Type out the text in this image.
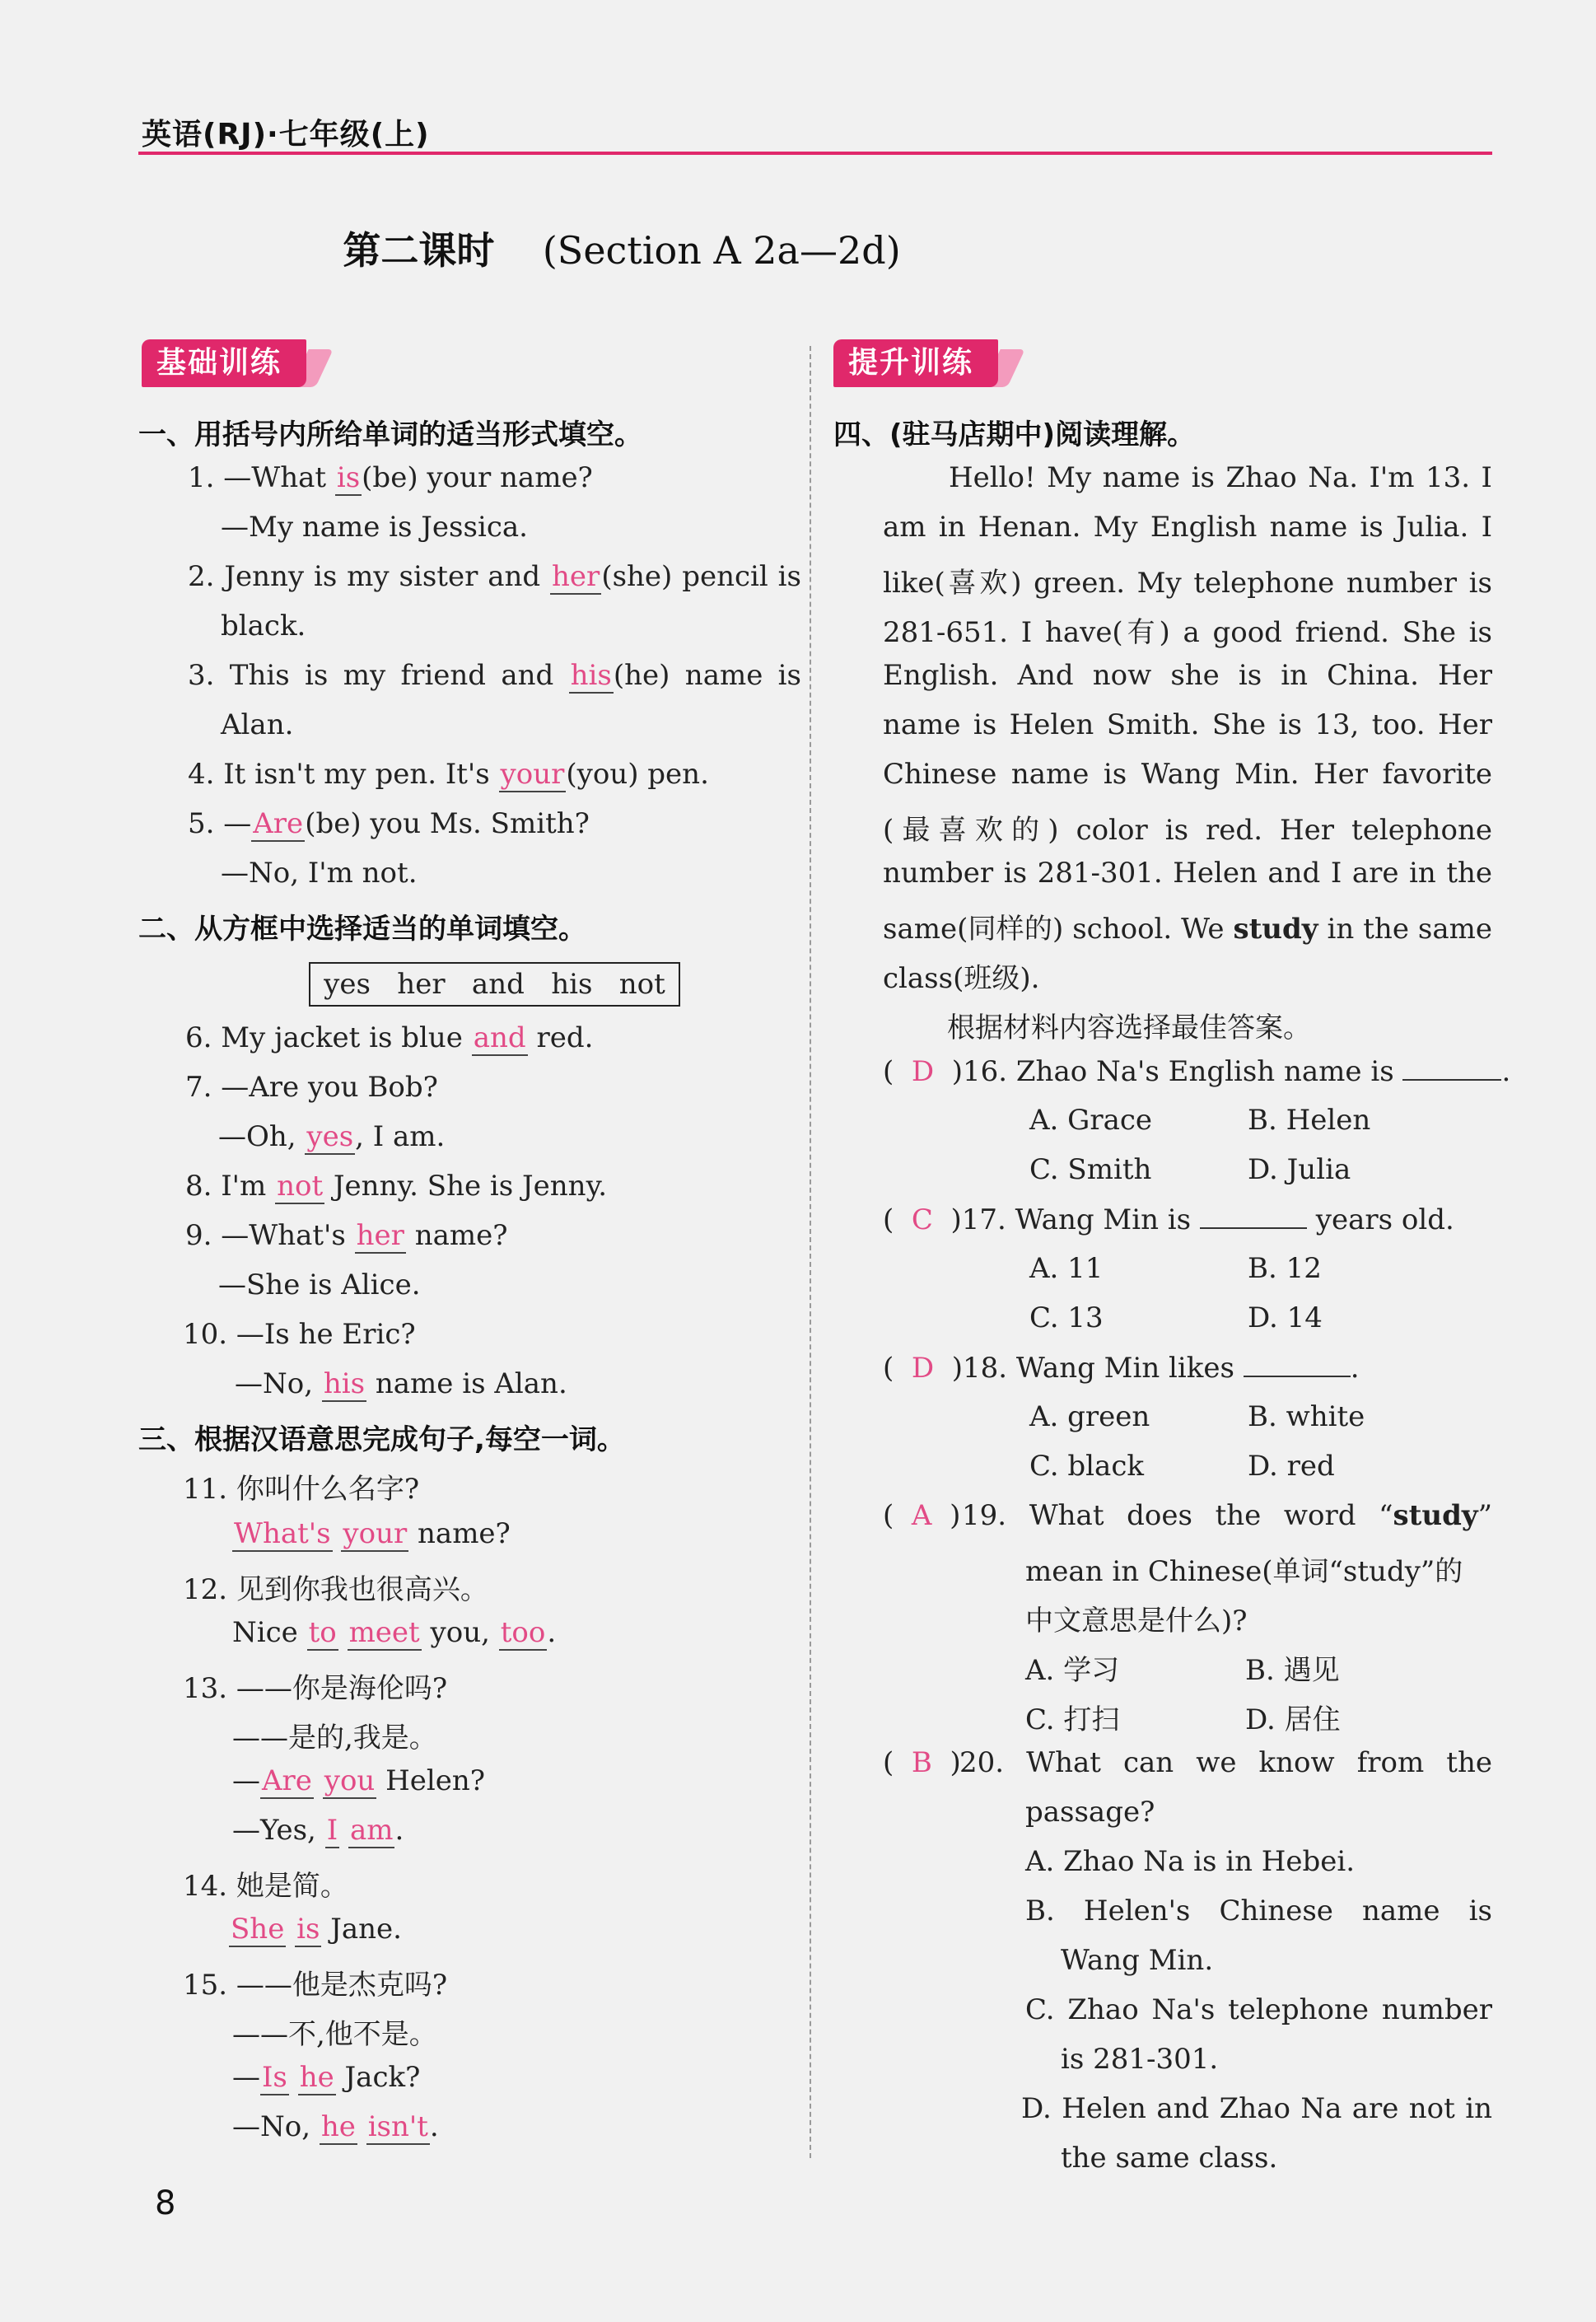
英语(RJ)·七年级(上)
第二课时 (Section A 2a—2d)
基础训练
一、用括号内所给单词的适当形式填空。
1. —What is(be) your name?
—My name is Jessica.
2. Jenny is my sister and her(she) pencil is
black.
3. This is my friend and his(he) name is
Alan.
4. It isn't my pen. It's your(you) pen.
5. —Are(be) you Ms. Smith?
—No, I'm not.
二、从方框中选择适当的单词填空。
yes her and his not
6. My jacket is blue and red.
7. —Are you Bob?
—Oh, yes, I am.
8. I'm not Jenny. She is Jenny.
9. —What's her name?
—She is Alice.
10. —Is he Eric?
—No, his name is Alan.
三、根据汉语意思完成句子,每空一词。
11. 你叫什么名字?
What's your name?
12. 见到你我也很高兴。
Nice to meet you, too.
13. ——你是海伦吗?
——是的,我是。
—Are you Helen?
—Yes, I am.
14. 她是简。
She is Jane.
15. ——他是杰克吗?
——不,他不是。
—Is he Jack?
—No, he isn't.
提升训练
四、(驻马店期中)阅读理解。
Hello! My name is Zhao Na. I'm 13. I
am in Henan. My English name is Julia. I
like(喜欢) green. My telephone number is
281-651. I have(有) a good friend. She is
English. And now she is in China. Her
name is Helen Smith. She is 13, too. Her
Chinese name is Wang Min. Her favorite
(最喜欢的) color is red. Her telephone
number is 281-301. Helen and I are in the
same(同样的) school. We study in the same
class(班级).
根据材料内容选择最佳答案。
( D )16. Zhao Na's English name is	.
A. Grace	B. Helen
C. Smith	D. Julia
( C )17. Wang Min is	years old.
A. 11	B. 12
C. 13	D. 14
( D )18. Wang Min likes	.
A. green	B. white
C. black	D. red
( A ) 19. What does the word “study”
mean in Chinese(单词“study”的
中文意思是什么)?
A. 学习	B. 遇见
C. 打扫	D. 居住
( B )
20. What can we know from the
passage?
A. Zhao Na is in Hebei.
B. Helen's Chinese name is
Wang Min.
C. Zhao Na's telephone number
is 281-301.
D. Helen and Zhao Na are not in
the same class.
8
